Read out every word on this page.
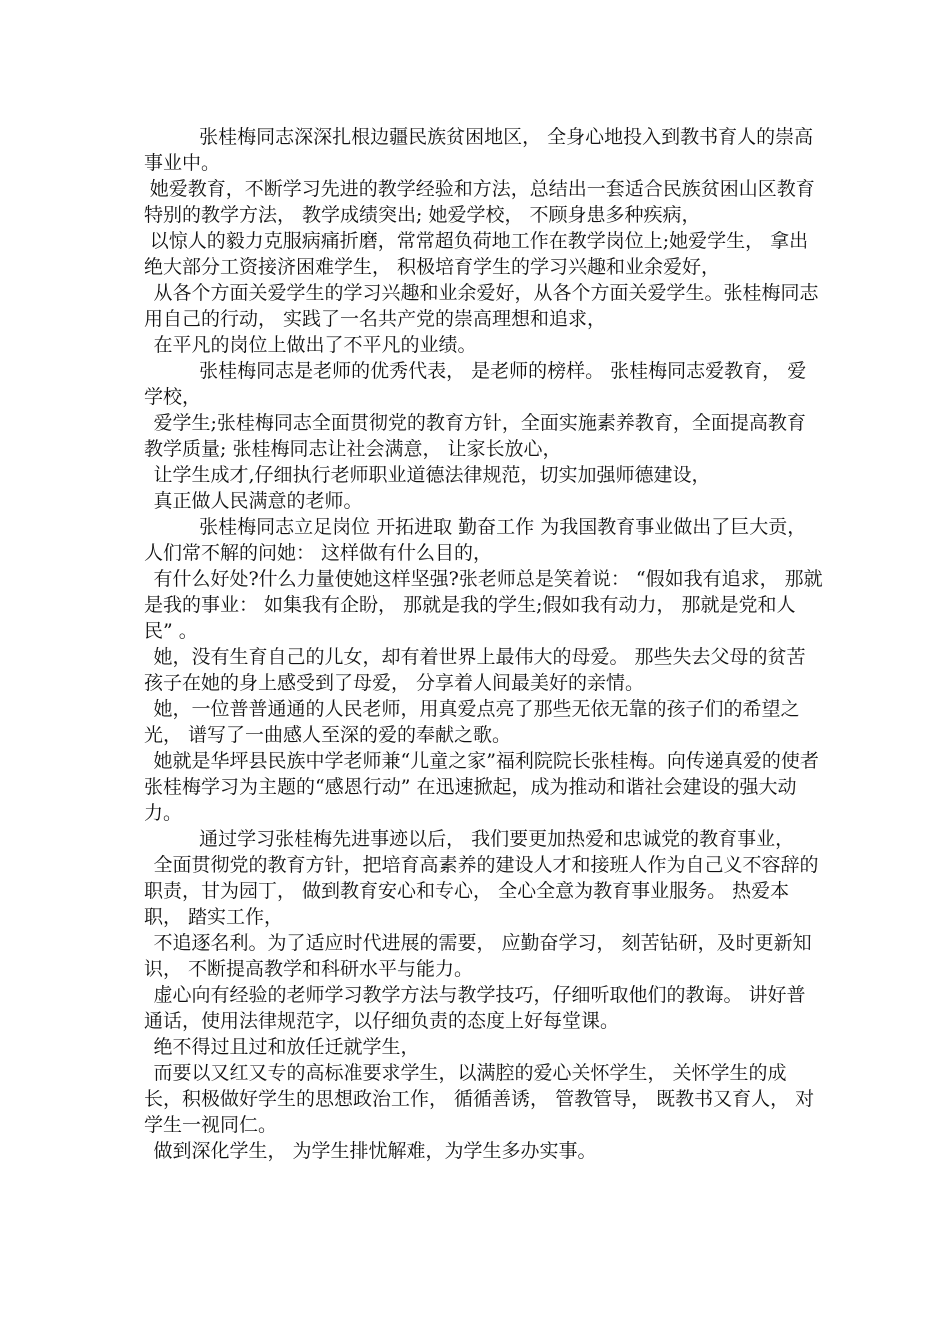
张桂梅同志深深扎根边疆民族贫困地区， 全身心地投入到教书育人的崇高事业中。

她爱教育，不断学习先进的教学经验和方法，总结出一套适合民族贫困山区教育特别的教学方法， 教学成绩突出; 她爱学校， 不顾身患多种疾病，

以惊人的毅力克服病痛折磨，常常超负荷地工作在教学岗位上;她爱学生， 拿出绝大部分工资接济困难学生， 积极培育学生的学习兴趣和业余爱好，

从各个方面关爱学生的学习兴趣和业余爱好，从各个方面关爱学生。张桂梅同志用自己的行动， 实践了一名共产党的崇高理想和追求，

在平凡的岗位上做出了不平凡的业绩。

张桂梅同志是老师的优秀代表， 是老师的榜样。 张桂梅同志爱教育， 爱学校，

爱学生;张桂梅同志全面贯彻党的教育方针，全面实施素养教育，全面提高教育教学质量; 张桂梅同志让社会满意， 让家长放心，

让学生成才,仔细执行老师职业道德法律规范，切实加强师德建设，

真正做人民满意的老师。

张桂梅同志立足岗位 开拓进取 勤奋工作 为我国教育事业做出了巨大贡， 人们常不解的问她： 这样做有什么目的，

有什么好处?什么力量使她这样坚强?张老师总是笑着说： “假如我有追求， 那就是我的事业： 如集我有企盼， 那就是我的学生;假如我有动力， 那就是党和人民” 。

她，没有生育自己的儿女，却有着世界上最伟大的母爱。 那些失去父母的贫苦孩子在她的身上感受到了母爱， 分享着人间最美好的亲情。

她，一位普普通通的人民老师，用真爱点亮了那些无依无靠的孩子们的希望之光， 谱写了一曲感人至深的爱的奉献之歌。

她就是华坪县民族中学老师兼“儿童之家”福利院院长张桂梅。向传递真爱的使者张桂梅学习为主题的“感恩行动” 在迅速掀起，成为推动和谐社会建设的强大动力。

通过学习张桂梅先进事迹以后， 我们要更加热爱和忠诚党的教育事业，

全面贯彻党的教育方针，把培育高素养的建设人才和接班人作为自己义不容辞的职责，甘为园丁， 做到教育安心和专心， 全心全意为教育事业服务。 热爱本职， 踏实工作，

不追逐名利。为了适应时代进展的需要， 应勤奋学习， 刻苦钻研，及时更新知识， 不断提高教学和科研水平与能力。

虚心向有经验的老师学习教学方法与教学技巧，仔细听取他们的教诲。 讲好普通话，使用法律规范字，以仔细负责的态度上好每堂课。

绝不得过且过和放任迁就学生，

而要以又红又专的高标准要求学生，以满腔的爱心关怀学生， 关怀学生的成长，积极做好学生的思想政治工作， 循循善诱， 管教管导， 既教书又育人， 对学生一视同仁。

做到深化学生， 为学生排忧解难，为学生多办实事。
